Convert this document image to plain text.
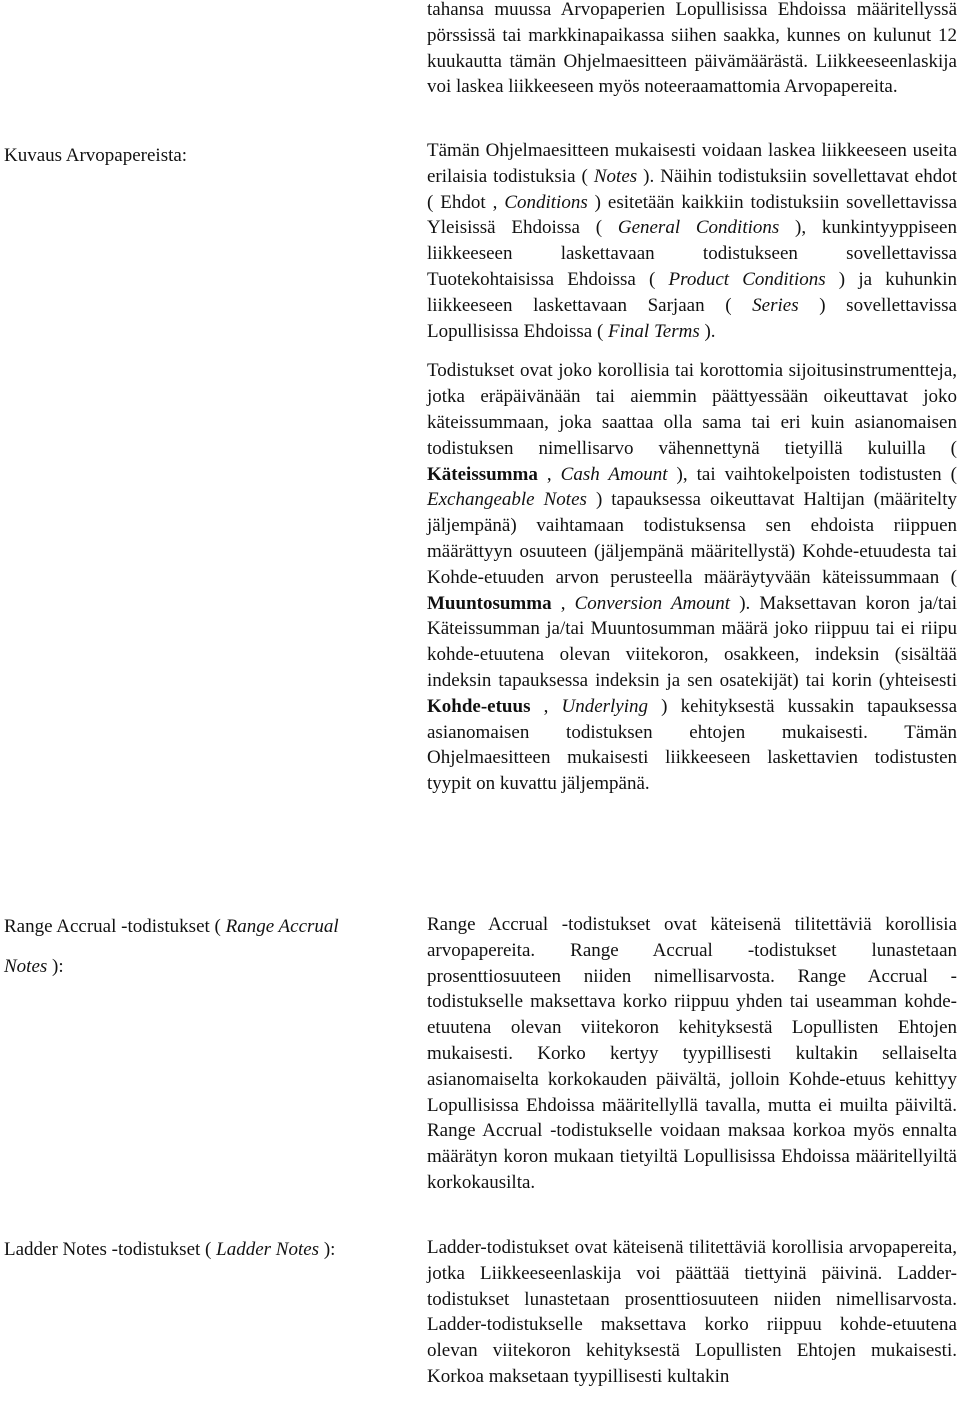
tahansa muussa Arvopaperien Lopullisissa Ehdoissa määritellyssä pörssissä tai markkinapaikassa siihen saakka, kunnes on kulunut 12 kuukautta tämän Ohjelmaesitteen päivämäärästä. Liikkeeseenlaskija voi laskea liikkeeseen myös noteeraamattomia Arvopapereita.

Kuvaus Arvopapereista:	Tämän Ohjelmaesitteen mukaisesti voidaan laskea liikkeeseen useita erilaisia todistuksia ( Notes ). Näihin todistuksiin sovellettavat ehdot ( Ehdot , Conditions ) esitetään kaikkiin todistuksiin sovellettavissa Yleisissä Ehdoissa ( General Conditions ), kunkintyyppiseen liikkeeseen laskettavaan todistukseen sovellettavissa Tuotekohtaisissa Ehdoissa ( Product Conditions ) ja kuhunkin liikkeeseen laskettavaan Sarjaan ( Series ) sovellettavissa Lopullisissa Ehdoissa ( Final Terms ).

Todistukset ovat joko korollisia tai korottomia sijoitusinstrumentteja, jotka eräpäivänään tai aiemmin päättyessään oikeuttavat joko käteissummaan, joka saattaa olla sama tai eri kuin asianomaisen todistuksen nimellisarvo vähennettynä tietyillä kuluilla ( Käteissumma , Cash Amount ), tai vaihtokelpoisten todistusten ( Exchangeable Notes ) tapauksessa oikeuttavat Haltijan (määritelty jäljempänä) vaihtamaan todistuksensa sen ehdoista riippuen määrättyyn osuuteen (jäljempänä määritellystä) Kohde-etuudesta tai Kohde-etuuden arvon perusteella määräytyvään käteissummaan ( Muuntosumma , Conversion Amount ). Maksettavan koron ja/tai Käteissumman ja/tai Muuntosumman määrä joko riippuu tai ei riipu kohde-etuutena olevan viitekoron, osakkeen, indeksin (sisältää indeksin tapauksessa indeksin ja sen osatekijät) tai korin (yhteisesti Kohde-etuus , Underlying ) kehityksestä kussakin tapauksessa asianomaisen todistuksen ehtojen mukaisesti. Tämän Ohjelmaesitteen mukaisesti liikkeeseen laskettavien todistusten tyypit on kuvattu jäljempänä.

Range Accrual -todistukset ( Range Accrual Notes ):

Range Accrual -todistukset ovat käteisenä tilitettäviä korollisia arvopapereita. Range Accrual -todistukset lunastetaan prosenttiosuuteen niiden nimellisarvosta. Range Accrual -todistukselle maksettava korko riippuu yhden tai useamman kohde-etuutena olevan viitekoron kehityksestä Lopullisten Ehtojen mukaisesti. Korko kertyy tyypillisesti kultakin sellaiselta asianomaiselta korkokauden päivältä, jolloin Kohde-etuus kehittyy Lopullisissa Ehdoissa määritellyllä tavalla, mutta ei muilta päiviltä. Range Accrual -todistukselle voidaan maksaa korkoa myös ennalta määrätyn koron mukaan tietyiltä Lopullisissa Ehdoissa määritellyiltä korkokausilta.

Ladder Notes -todistukset ( Ladder Notes ):	Ladder-todistukset ovat käteisenä tilitettäviä korollisia arvopapereita, jotka Liikkeeseenlaskija voi päättää tiettyinä päivinä. Ladder-todistukset lunastetaan prosenttiosuuteen niiden nimellisarvosta. Ladder-todistukselle maksettava korko riippuu kohde-etuutena olevan viitekoron kehityksestä Lopullisten Ehtojen mukaisesti. Korkoa maksetaan tyypillisesti kultakin
